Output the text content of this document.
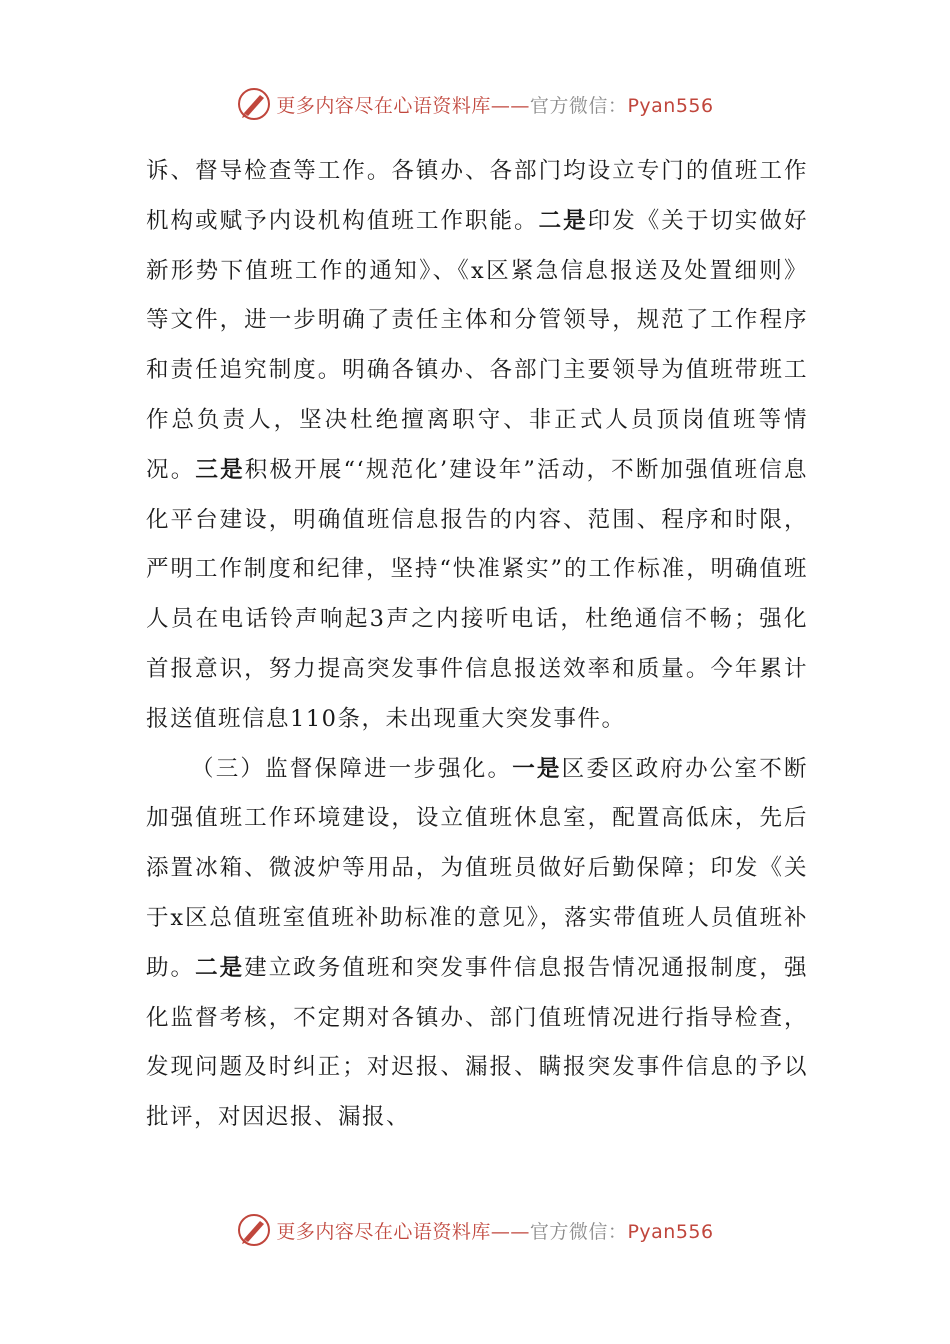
更多内容尽在心语资料库——官方微信：Pyan556

诉、督导检查等工作。各镇办、各部门均设立专门的值班工作机构或赋予内设机构值班工作职能。二是印发《关于切实做好新形势下值班工作的通知》、《x区紧急信息报送及处置细则》等文件，进一步明确了责任主体和分管领导，规范了工作程序和责任追究制度。明确各镇办、各部门主要领导为值班带班工作总负责人，坚决杜绝擅离职守、非正式人员顶岗值班等情况。三是积极开展“‘规范化’建设年”活动，不断加强值班信息化平台建设，明确值班信息报告的内容、范围、程序和时限，严明工作制度和纪律，坚持“快准紧实”的工作标准，明确值班人员在电话铃声响起3声之内接听电话，杜绝通信不畅；强化首报意识，努力提高突发事件信息报送效率和质量。今年累计报送值班信息110条，未出现重大突发事件。

（三）监督保障进一步强化。一是区委区政府办公室不断加强值班工作环境建设，设立值班休息室，配置高低床，先后添置冰箱、微波炉等用品，为值班员做好后勤保障；印发《关于x区总值班室值班补助标准的意见》，落实带值班人员值班补助。二是建立政务值班和突发事件信息报告情况通报制度，强化监督考核，不定期对各镇办、部门值班情况进行指导检查，发现问题及时纠正；对迟报、漏报、瞒报突发事件信息的予以批评，对因迟报、漏报、

更多内容尽在心语资料库——官方微信：Pyan556
